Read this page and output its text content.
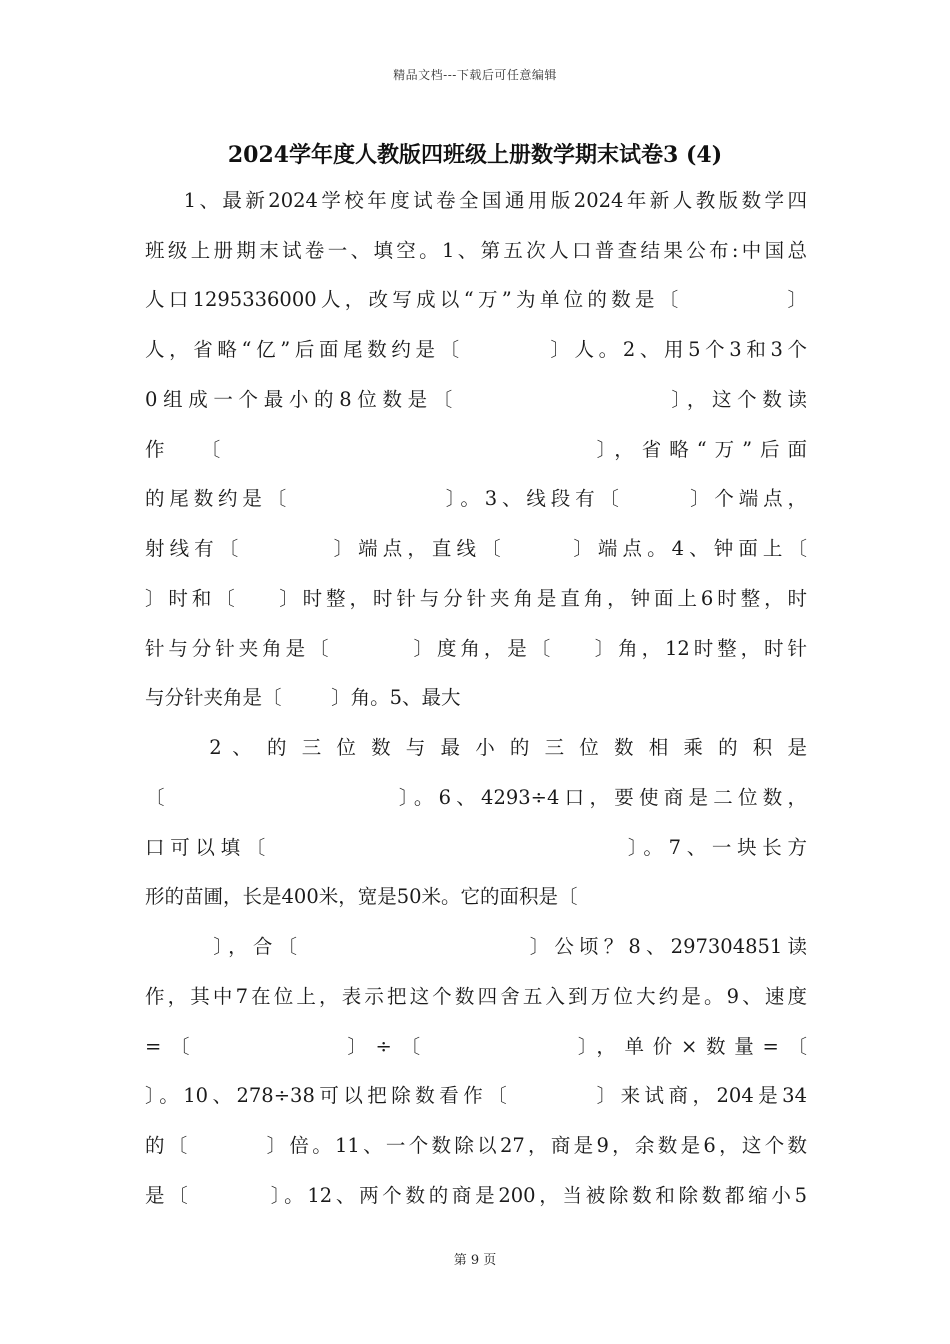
精品文档---下载后可任意编辑
2024学年度人教版四班级上册数学期末试卷3 (4)
1、最新2024学校年度试卷全国通用版2024年新人教版数学四
班级上册期末试卷一、填空。1、第五次人口普查结果公布:中国总
人口1295336000人，改写成以“万”为单位的数是〔          〕
人，省略“亿”后面尾数约是〔        〕人。2、用5个3和3个
0组成一个最小的8位数是〔                  〕，这个数读
作  〔                          〕，省略“万”后面
的尾数约是〔              〕。3、线段有〔      〕个端点，
射线有〔        〕端点，直线〔      〕端点。4、钟面上〔
〕时和〔    〕时整，时针与分针夹角是直角，钟面上6时整，时
针与分针夹角是〔        〕度角，是〔    〕角，12时整，时针
与分针夹角是〔        〕角。5、最大
2 、 的 三 位 数 与 最 小 的 三 位 数 相 乘 的 积 是
〔                    〕。6、4293÷4口，要使商是二位数，
口可以填〔                              〕。7、一块长方
形的苗圃，长是400米，宽是50米。它的面积是〔
〕，合〔                    〕公顷？8、297304851读
作，其中7在位上，表示把这个数四舍五入到万位大约是。9、速度
=〔          〕÷〔          〕，单价×数量=〔
〕。10、278÷38可以把除数看作〔        〕来试商，204是34
的〔        〕倍。11、一个数除以27，商是9，余数是6，这个数
是〔        〕。12、两个数的商是200，当被除数和除数都缩小5
第 9 页
